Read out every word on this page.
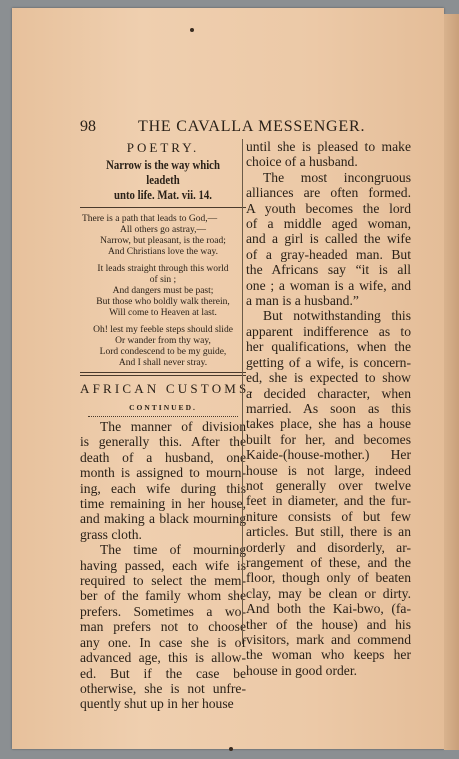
98	THE CAVALLA MESSENGER.
POETRY.
Narrow is the way which leadeth
unto life. Mat. vii. 14.
There is a path that leads to God,—
All others go astray,—
Narrow, but pleasant, is the road;
And Christians love the way.
It leads straight through this world
of sin ;
And dangers must be past;
But those who boldly walk therein,
Will come to Heaven at last.
Oh! lest my feeble steps should slide
Or wander from thy way,
Lord condescend to be my guide,
And I shall never stray.
AFRICAN CUSTOMS.
CONTINUED.
The manner of division
is generally this. After the
death of a husband, one
month is assigned to mourn-
ing, each wife during this
time remaining in her house,
and making a black mourning
grass cloth.
The time of mourning
having passed, each wife is
required to select the mem-
ber of the family whom she
prefers. Sometimes a wo-
man prefers not to choose
any one. In case she is of
advanced age, this is allow-
ed. But if the case be
otherwise, she is not unfre-
quently shut up in her house
until she is pleased to make
choice of a husband.
The most incongruous
alliances are often formed.
A youth becomes the lord
of a middle aged woman,
and a girl is called the wife
of a gray-headed man. But
the Africans say “it is all
one ; a woman is a wife, and
a man is a husband.”
But notwithstanding this
apparent indifference as to
her qualifications, when the
getting of a wife, is concern-
ed, she is expected to show
a decided character, when
married. As soon as this
takes place, she has a house
built for her, and becomes
Kaide-(house-mother.) Her
house is not large, indeed
not generally over twelve
feet in diameter, and the fur-
niture consists of but few
articles. But still, there is an
orderly and disorderly, ar-
rangement of these, and the
floor, though only of beaten
clay, may be clean or dirty.
And both the Kai-bwo, (fa-
ther of the house) and his
visitors, mark and commend
the woman who keeps her
house in good order.
